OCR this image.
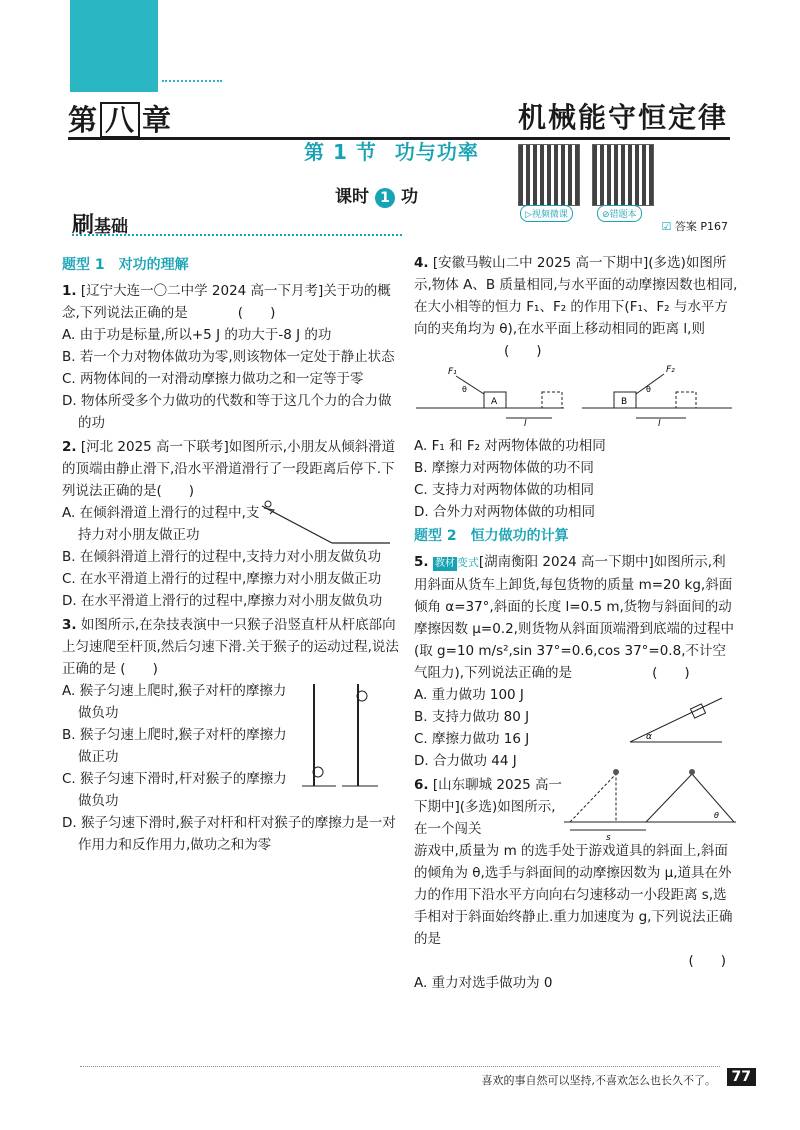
第 八 章	机械能守恒定律
第 1 节 功与功率
▷视频微课	⊘错题本
课时 1 功
刷基础	☑ 答案 P167
题型 1　对功的理解
1. [辽宁大连一〇二中学 2024 高一下月考]关于功的概念,下列说法正确的是	(　　)
A. 由于功是标量,所以+5 J 的功大于-8 J 的功
B. 若一个力对物体做功为零,则该物体一定处于静止状态
C. 两物体间的一对滑动摩擦力做功之和一定等于零
D. 物体所受多个力做功的代数和等于这几个力的合力做的功
2. [河北 2025 高一下联考]如图所示,小朋友从倾斜滑道的顶端由静止滑下,沿水平滑道滑行了一段距离后停下.下列说法正确的是(　　)
A. 在倾斜滑道上滑行的过程中,支持力对小朋友做正功
B. 在倾斜滑道上滑行的过程中,支持力对小朋友做负功
C. 在水平滑道上滑行的过程中,摩擦力对小朋友做正功
D. 在水平滑道上滑行的过程中,摩擦力对小朋友做负功
3. 如图所示,在杂技表演中一只猴子沿竖直杆从杆底部向上匀速爬至杆顶,然后匀速下滑.关于猴子的运动过程,说法正确的是 (　　)
A. 猴子匀速上爬时,猴子对杆的摩擦力做负功
B. 猴子匀速上爬时,猴子对杆的摩擦力做正功
C. 猴子匀速下滑时,杆对猴子的摩擦力做负功
D. 猴子匀速下滑时,猴子对杆和杆对猴子的摩擦力是一对作用力和反作用力,做功之和为零
4. [安徽马鞍山二中 2025 高一下期中](多选)如图所示,物体 A、B 质量相同,与水平面的动摩擦因数也相同,在大小相等的恒力 F₁、F₂ 的作用下(F₁、F₂ 与水平方向的夹角均为 θ),在水平面上移动相同的距离 l,则(　　)
A
F₁
θ
l
B
F₂
θ
l
A. F₁ 和 F₂ 对两物体做的功相同
B. 摩擦力对两物体做的功不同
C. 支持力对两物体做的功相同
D. 合外力对两物体做的功相同
题型 2　恒力做功的计算
5. 教材 变式[湖南衡阳 2024 高一下期中]如图所示,利用斜面从货车上卸货,每包货物的质量 m=20 kg,斜面倾角 α=37°,斜面的长度 l=0.5 m,货物与斜面间的动摩擦因数 μ=0.2,则货物从斜面顶端滑到底端的过程中(取 g=10 m/s²,sin 37°=0.6,cos 37°=0.8,不计空气阻力),下列说法正确的是	(　　)
A. 重力做功 100 J
B. 支持力做功 80 J
C. 摩擦力做功 16 J
D. 合力做功 44 J
α
6. [山东聊城 2025 高一下期中](多选)如图所示,在一个闯关
s
θ
游戏中,质量为 m 的选手处于游戏道具的斜面上,斜面的倾角为 θ,选手与斜面间的动摩擦因数为 μ,道具在外力的作用下沿水平方向向右匀速移动一小段距离 s,选手相对于斜面始终静止.重力加速度为 g,下列说法正确的是
(　　)
A. 重力对选手做功为 0
喜欢的事自然可以坚持,不喜欢怎么也长久不了。	77
